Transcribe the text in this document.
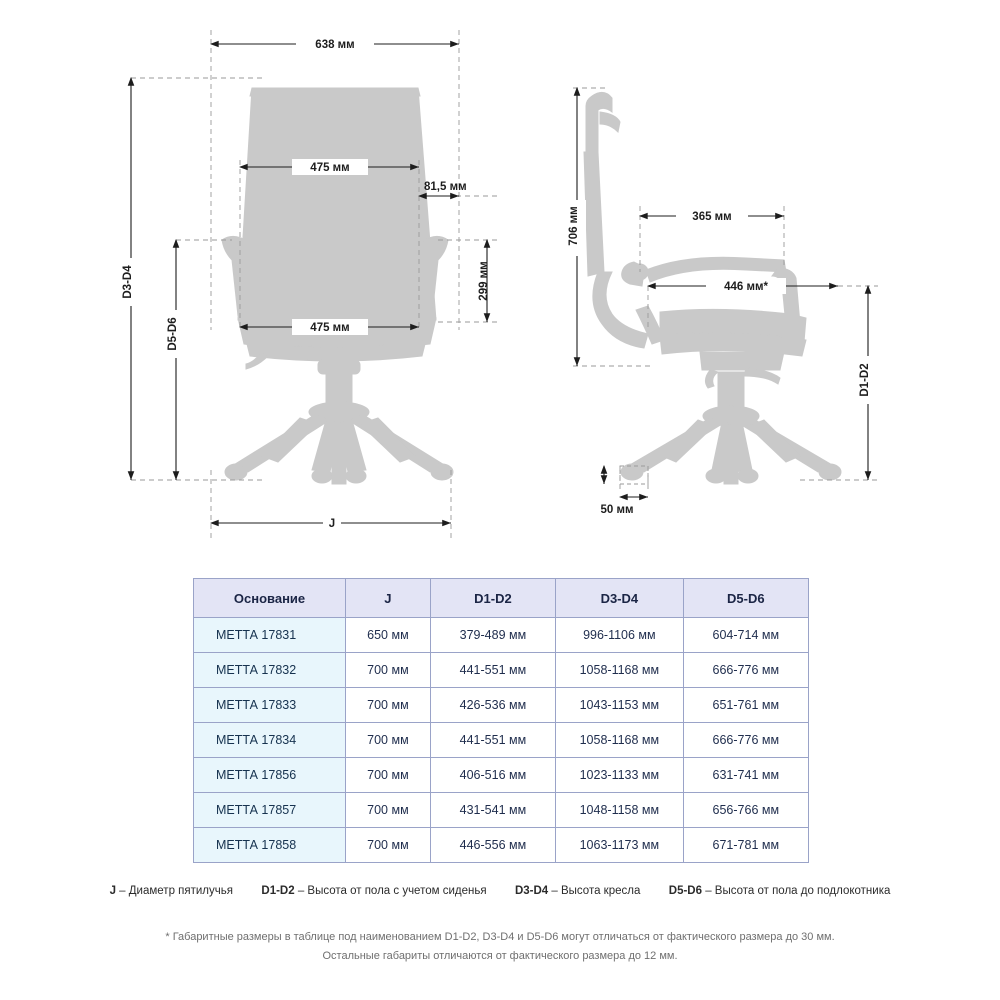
638 мм
475 мм
81,5 мм
475 мм
299 мм
D3-D4
D5-D6
J
706 мм	365 мм
446 мм*
D1-D2
50 мм
Основание	J	D1-D2	D3-D4	D5-D6
МЕТТА 17831	650 мм	379-489 мм	996-1106 мм	604-714 мм
МЕТТА 17832	700 мм	441-551 мм	1058-1168 мм	666-776 мм
МЕТТА 17833	700 мм	426-536 мм	1043-1153 мм	651-761 мм
МЕТТА 17834	700 мм	441-551 мм	1058-1168 мм	666-776 мм
МЕТТА 17856	700 мм	406-516 мм	1023-1133 мм	631-741 мм
МЕТТА 17857	700 мм	431-541 мм	1048-1158 мм	656-766 мм
МЕТТА 17858	700 мм	446-556 мм	1063-1173 мм	671-781 мм
J – Диаметр пятилучья D1-D2 – Высота от пола с учетом сиденья D3-D4 – Высота кресла D5-D6 – Высота от пола до подлокотника
* Габаритные размеры в таблице под наименованием D1-D2, D3-D4 и D5-D6 могут отличаться от фактического размера до 30 мм.
Остальные габариты отличаются от фактического размера до 12 мм.
